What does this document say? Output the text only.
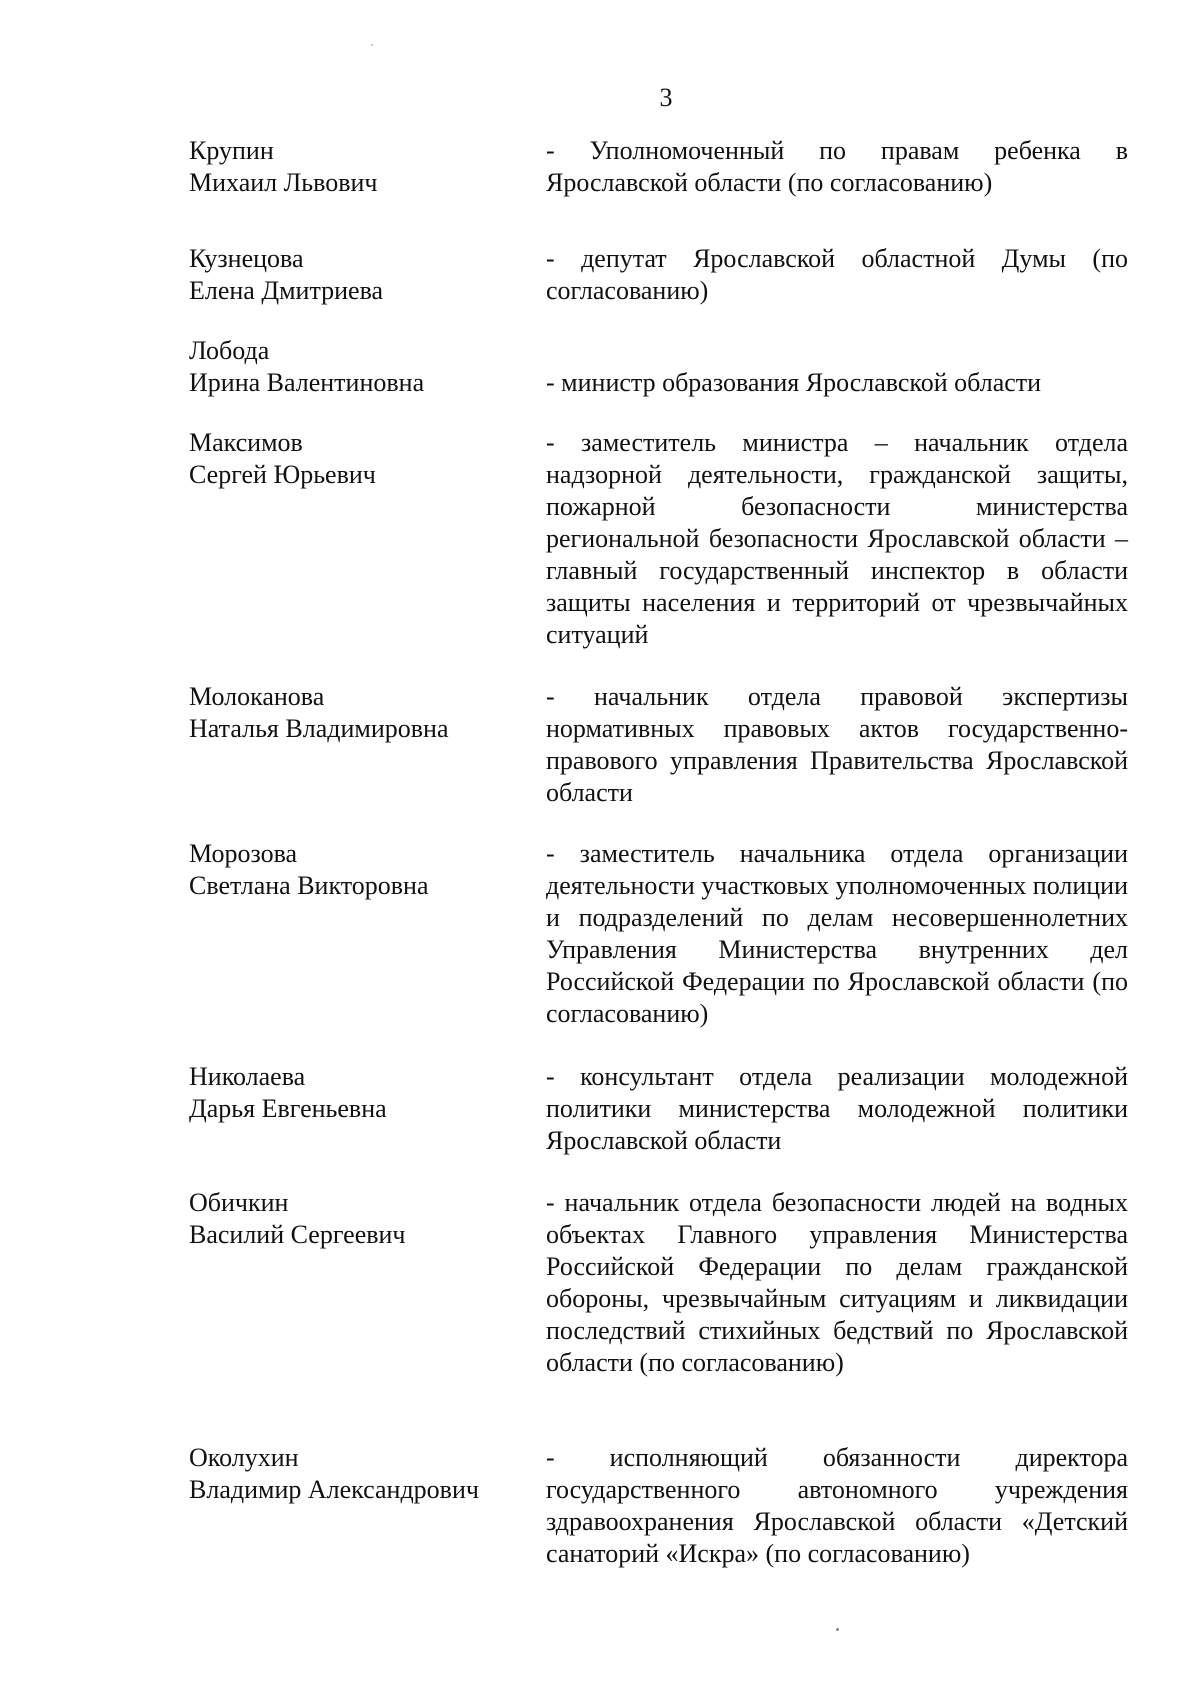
3
Крупин
Михаил Львович
- Уполномоченный по правам ребенка в Ярославской области (по согласованию)
Кузнецова
Елена Дмитриева
- депутат Ярославской областной Думы (по согласованию)
Лобода
Ирина Валентиновна	- министр образования Ярославской области
Максимов
Сергей Юрьевич
- заместитель министра – начальник отдела надзорной деятельности, гражданской защиты, пожарной безопасности министерства региональной безопасности Ярославской области – главный государственный инспектор в области защиты населения и территорий от чрезвычайных ситуаций
Молоканова
Наталья Владимировна
- начальник отдела правовой экспертизы нормативных правовых актов государственно-правового управления Правительства Ярославской области
Морозова
Светлана Викторовна
- заместитель начальника отдела организации деятельности участковых уполномоченных полиции и подразделений по делам несовершеннолетних Управления Министерства внутренних дел Российской Федерации по Ярославской области (по согласованию)
Николаева
Дарья Евгеньевна
- консультант отдела реализации молодежной политики министерства молодежной политики Ярославской области
Обичкин
Василий Сергеевич
- начальник отдела безопасности людей на водных объектах Главного управления Министерства Российской Федерации по делам гражданской обороны, чрезвычайным ситуациям и ликвидации последствий стихийных бедствий по Ярославской области (по согласованию)
Околухин
Владимир Александрович
- исполняющий обязанности директора государственного автономного учреждения здравоохранения Ярославской области «Детский санаторий «Искра» (по согласованию)
